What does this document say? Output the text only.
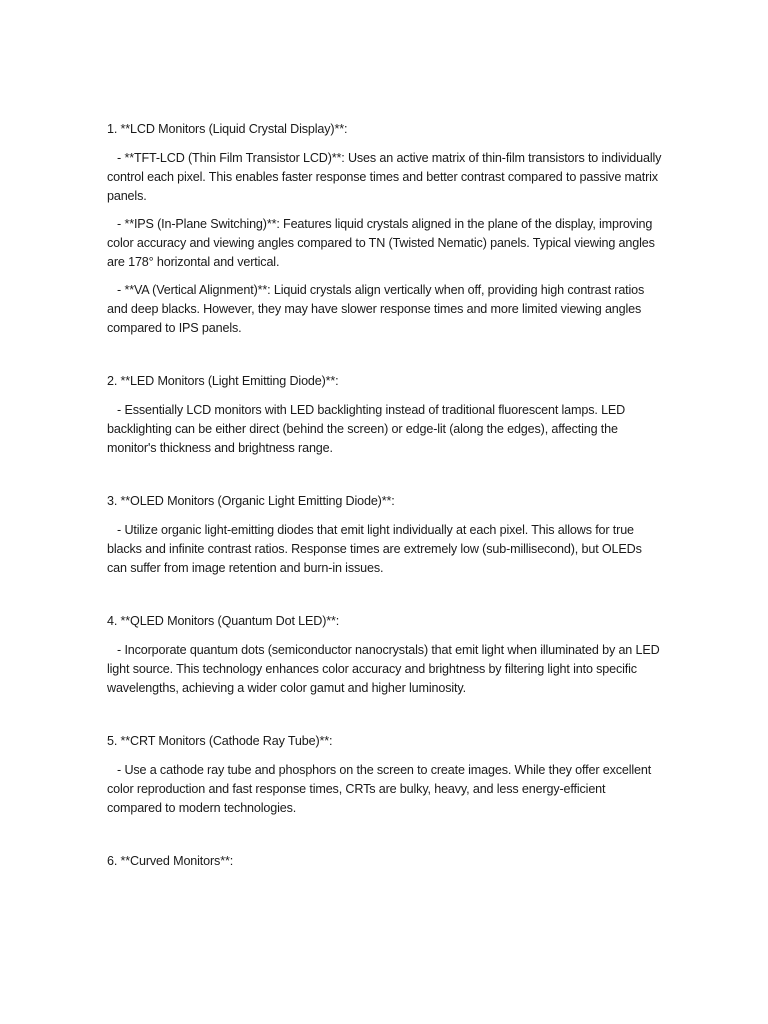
1. **LCD Monitors (Liquid Crystal Display)**:

- **TFT-LCD (Thin Film Transistor LCD)**: Uses an active matrix of thin-film transistors to individually control each pixel. This enables faster response times and better contrast compared to passive matrix panels.

- **IPS (In-Plane Switching)**: Features liquid crystals aligned in the plane of the display, improving color accuracy and viewing angles compared to TN (Twisted Nematic) panels. Typical viewing angles are 178° horizontal and vertical.

- **VA (Vertical Alignment)**: Liquid crystals align vertically when off, providing high contrast ratios and deep blacks. However, they may have slower response times and more limited viewing angles compared to IPS panels.

2. **LED Monitors (Light Emitting Diode)**:

- Essentially LCD monitors with LED backlighting instead of traditional fluorescent lamps. LED backlighting can be either direct (behind the screen) or edge-lit (along the edges), affecting the monitor's thickness and brightness range.

3. **OLED Monitors (Organic Light Emitting Diode)**:

- Utilize organic light-emitting diodes that emit light individually at each pixel. This allows for true blacks and infinite contrast ratios. Response times are extremely low (sub-millisecond), but OLEDs can suffer from image retention and burn-in issues.

4. **QLED Monitors (Quantum Dot LED)**:

- Incorporate quantum dots (semiconductor nanocrystals) that emit light when illuminated by an LED light source. This technology enhances color accuracy and brightness by filtering light into specific wavelengths, achieving a wider color gamut and higher luminosity.

5. **CRT Monitors (Cathode Ray Tube)**:

- Use a cathode ray tube and phosphors on the screen to create images. While they offer excellent color reproduction and fast response times, CRTs are bulky, heavy, and less energy-efficient compared to modern technologies.

6. **Curved Monitors**:
